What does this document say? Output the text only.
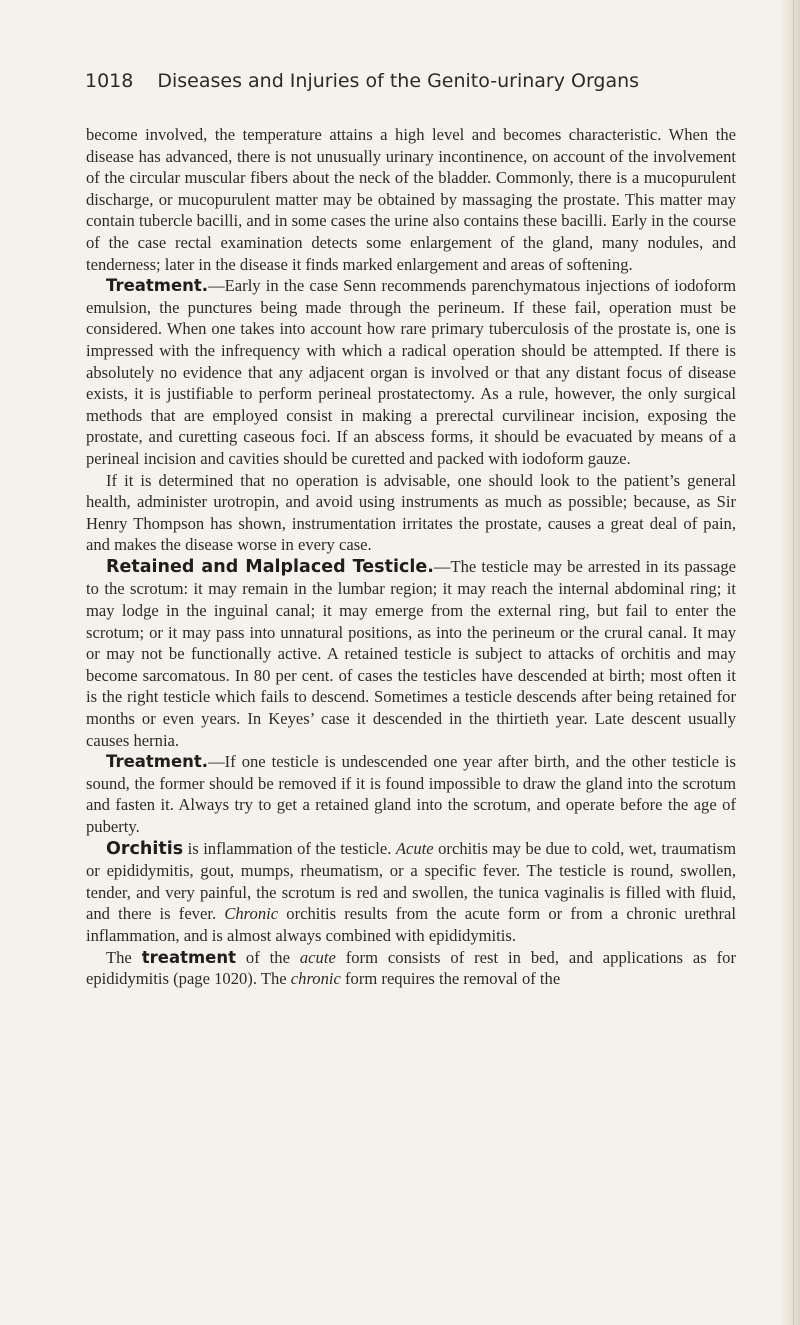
1018 Diseases and Injuries of the Genito-urinary Organs

become involved, the temperature attains a high level and becomes characteristic. When the disease has advanced, there is not unusually urinary incontinence, on account of the involvement of the circular muscular fibers about the neck of the bladder. Commonly, there is a mucopurulent discharge, or mucopurulent matter may be obtained by massaging the prostate. This matter may contain tubercle bacilli, and in some cases the urine also contains these bacilli. Early in the course of the case rectal examination detects some enlargement of the gland, many nodules, and tenderness; later in the disease it finds marked enlargement and areas of softening.

Treatment.—Early in the case Senn recommends parenchymatous injections of iodoform emulsion, the punctures being made through the perineum. If these fail, operation must be considered. When one takes into account how rare primary tuberculosis of the prostate is, one is impressed with the infrequency with which a radical operation should be attempted. If there is absolutely no evidence that any adjacent organ is involved or that any distant focus of disease exists, it is justifiable to perform perineal prostatectomy. As a rule, however, the only surgical methods that are employed consist in making a prerectal curvilinear incision, exposing the prostate, and curetting caseous foci. If an abscess forms, it should be evacuated by means of a perineal incision and cavities should be curetted and packed with iodoform gauze.

If it is determined that no operation is advisable, one should look to the patient’s general health, administer urotropin, and avoid using instruments as much as possible; because, as Sir Henry Thompson has shown, instrumentation irritates the prostate, causes a great deal of pain, and makes the disease worse in every case.

Retained and Malplaced Testicle.—The testicle may be arrested in its passage to the scrotum: it may remain in the lumbar region; it may reach the internal abdominal ring; it may lodge in the inguinal canal; it may emerge from the external ring, but fail to enter the scrotum; or it may pass into unnatural positions, as into the perineum or the crural canal. It may or may not be functionally active. A retained testicle is subject to attacks of orchitis and may become sarcomatous. In 80 per cent. of cases the testicles have descended at birth; most often it is the right testicle which fails to descend. Sometimes a testicle descends after being retained for months or even years. In Keyes’ case it descended in the thirtieth year. Late descent usually causes hernia.

Treatment.—If one testicle is undescended one year after birth, and the other testicle is sound, the former should be removed if it is found impossible to draw the gland into the scrotum and fasten it. Always try to get a retained gland into the scrotum, and operate before the age of puberty.

Orchitis is inflammation of the testicle. Acute orchitis may be due to cold, wet, traumatism or epididymitis, gout, mumps, rheumatism, or a specific fever. The testicle is round, swollen, tender, and very painful, the scrotum is red and swollen, the tunica vaginalis is filled with fluid, and there is fever. Chronic orchitis results from the acute form or from a chronic urethral inflammation, and is almost always combined with epididymitis.

The treatment of the acute form consists of rest in bed, and applications as for epididymitis (page 1020). The chronic form requires the removal of the
